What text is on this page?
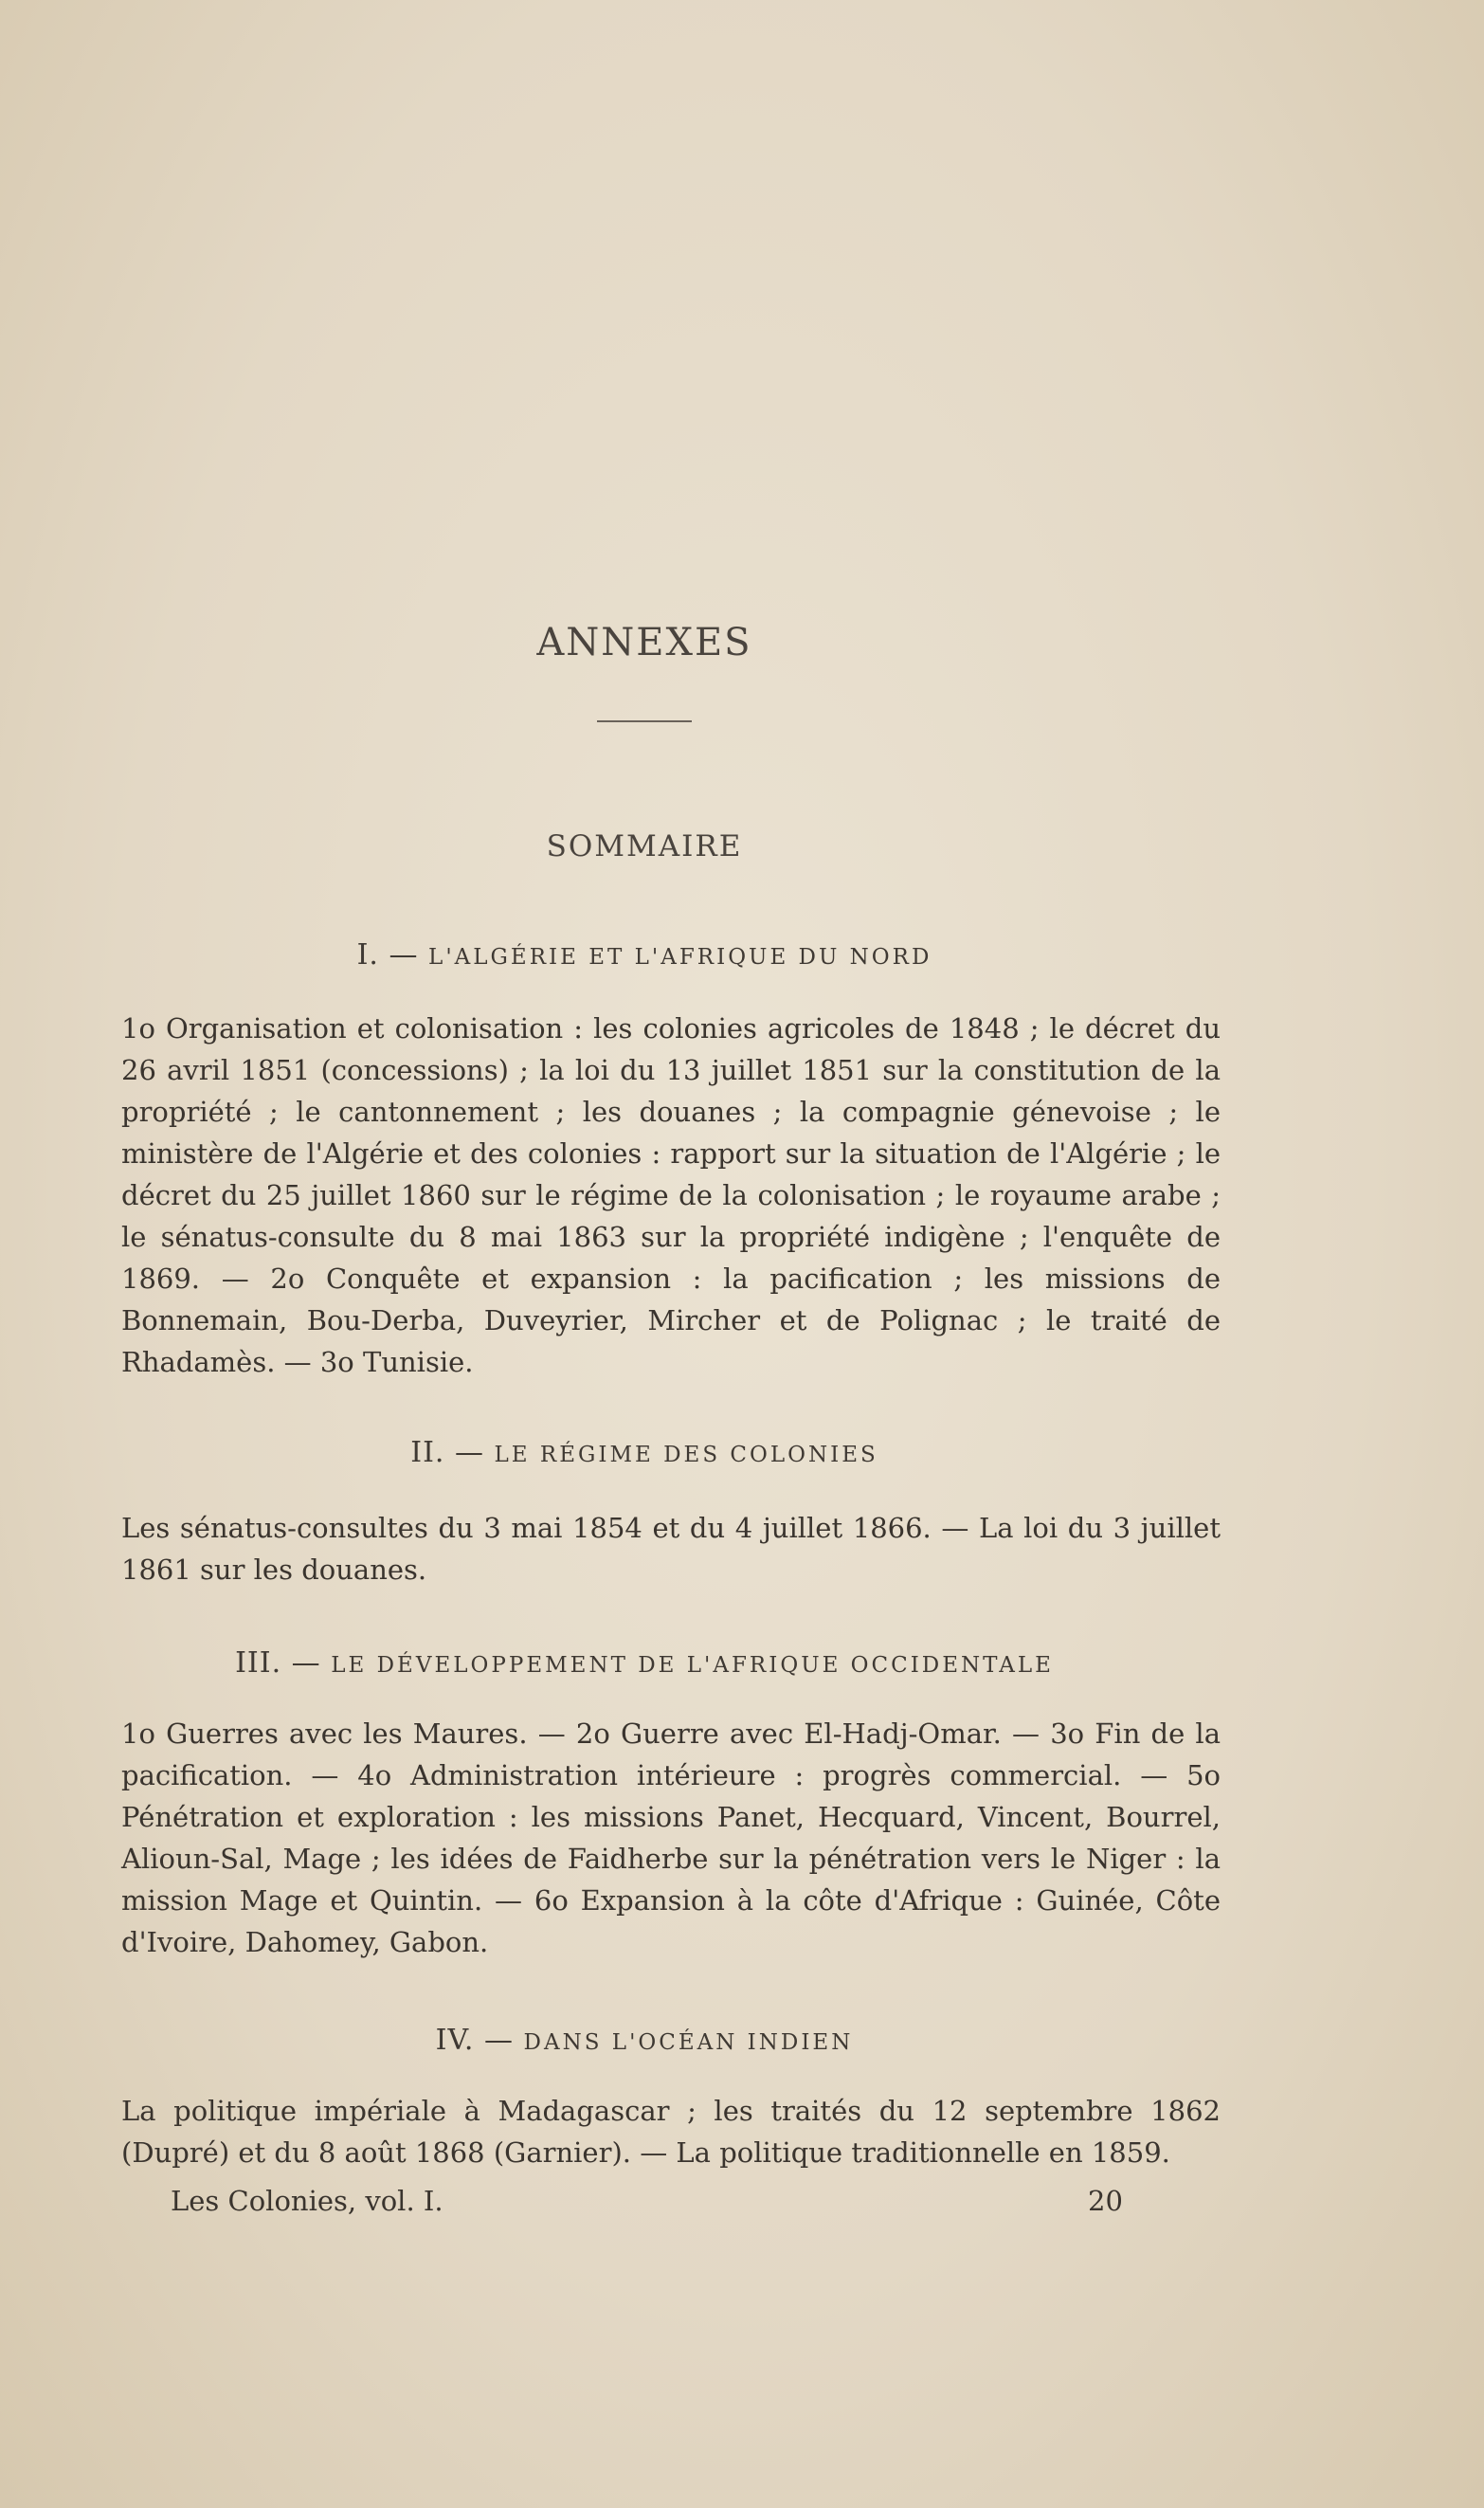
ANNEXES
SOMMAIRE
I. — L'ALGÉRIE ET L'AFRIQUE DU NORD
1o Organisation et colonisation : les colonies agricoles de 1848 ; le décret du 26 avril 1851 (concessions) ; la loi du 13 juillet 1851 sur la constitution de la propriété ; le cantonnement ; les douanes ; la compagnie génevoise ; le ministère de l'Algérie et des colonies : rapport sur la situation de l'Algérie ; le décret du 25 juillet 1860 sur le régime de la colonisation ; le royaume arabe ; le sénatus-consulte du 8 mai 1863 sur la propriété indigène ; l'enquête de 1869. — 2o Conquête et expansion : la pacification ; les missions de Bonnemain, Bou-Derba, Duveyrier, Mircher et de Polignac ; le traité de Rhadamès. — 3o Tunisie.
II. — LE RÉGIME DES COLONIES
Les sénatus-consultes du 3 mai 1854 et du 4 juillet 1866. — La loi du 3 juillet 1861 sur les douanes.
III. — LE DÉVELOPPEMENT DE L'AFRIQUE OCCIDENTALE
1o Guerres avec les Maures. — 2o Guerre avec El-Hadj-Omar. — 3o Fin de la pacification. — 4o Administration intérieure : progrès commercial. — 5o Pénétration et exploration : les missions Panet, Hecquard, Vincent, Bourrel, Alioun-Sal, Mage ; les idées de Faidherbe sur la pénétration vers le Niger : la mission Mage et Quintin. — 6o Expansion à la côte d'Afrique : Guinée, Côte d'Ivoire, Dahomey, Gabon.
IV. — DANS L'OCÉAN INDIEN
La politique impériale à Madagascar ; les traités du 12 septembre 1862 (Dupré) et du 8 août 1868 (Garnier). — La politique traditionnelle en 1859.
Les Colonies, vol. I.	20
